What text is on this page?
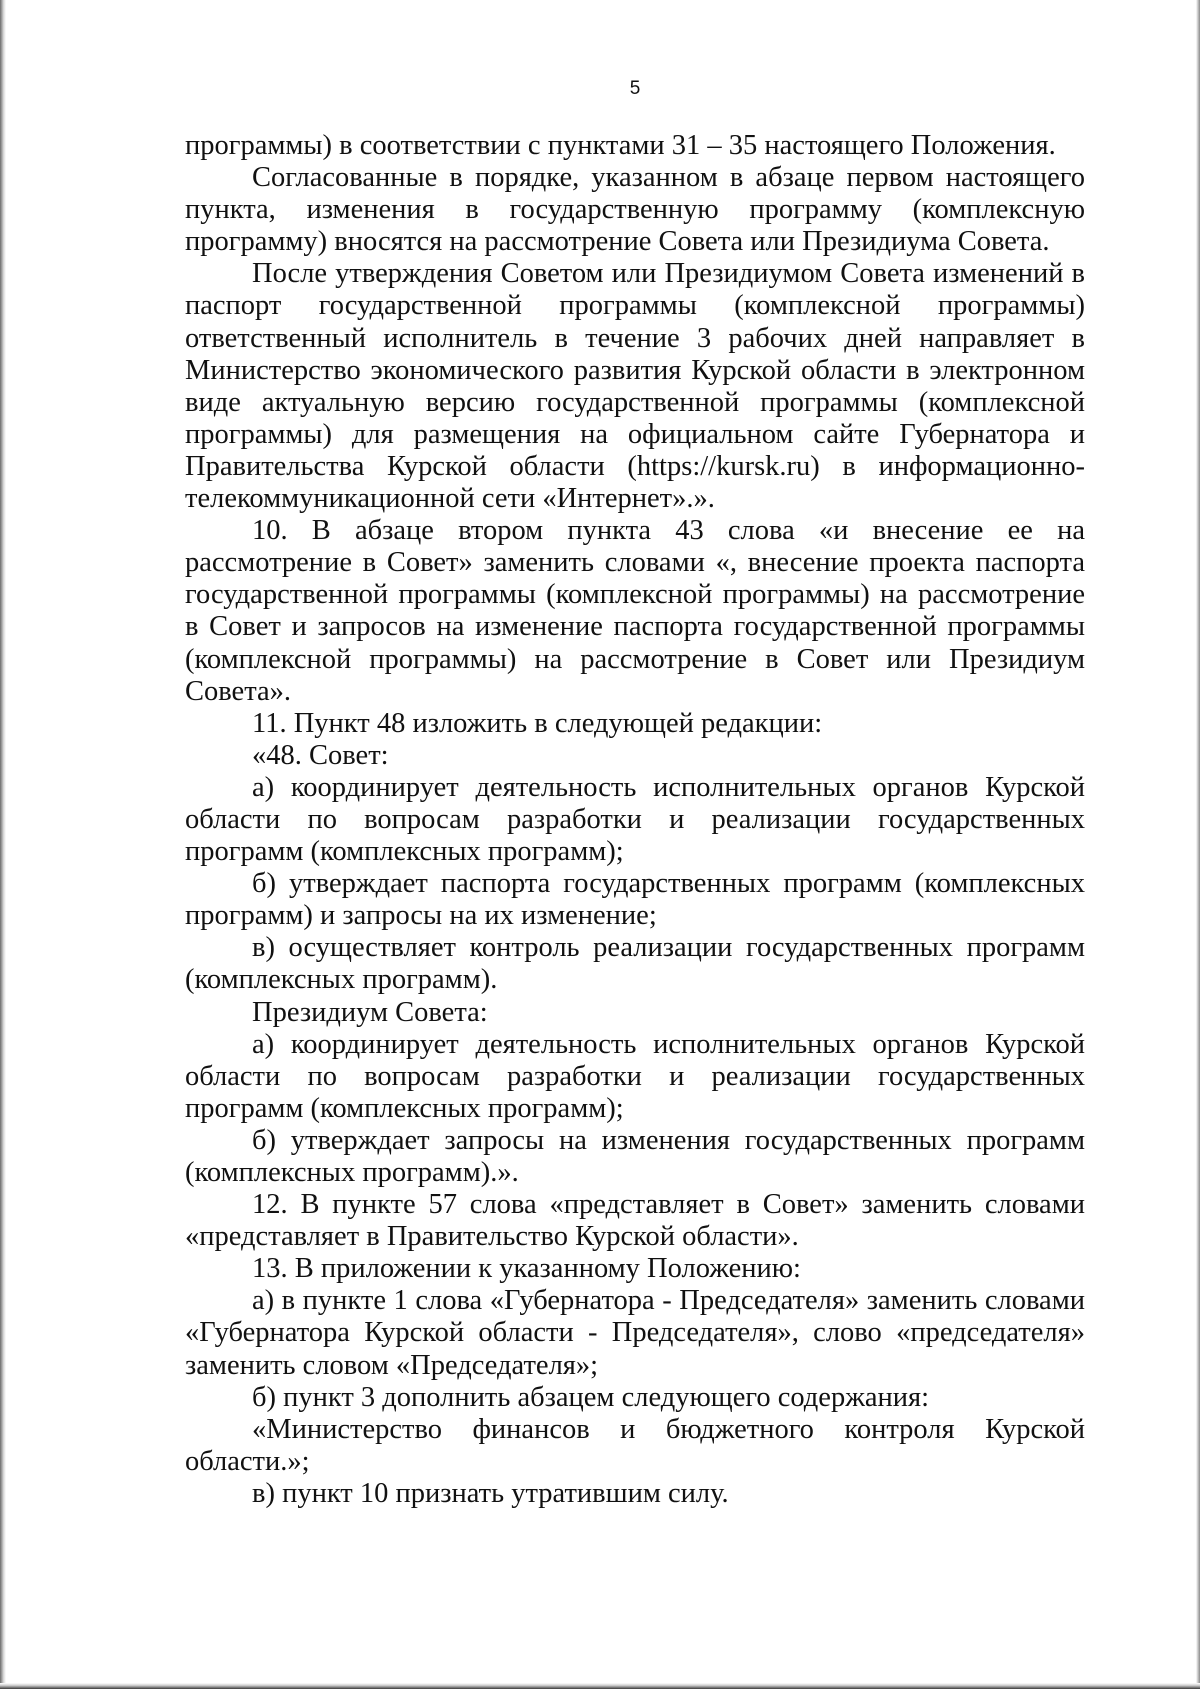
5

программы) в соответствии с пунктами 31 – 35 настоящего Положения.

Согласованные в порядке, указанном в абзаце первом настоящего пункта, изменения в государственную программу (комплексную программу) вносятся на рассмотрение Совета или Президиума Совета.

После утверждения Советом или Президиумом Совета изменений в паспорт государственной программы (комплексной программы) ответственный исполнитель в течение 3 рабочих дней направляет в Министерство экономического развития Курской области в электронном виде актуальную версию государственной программы (комплексной программы) для размещения на официальном сайте Губернатора и Правительства Курской области (https://kursk.ru) в информационно-телекоммуникационной сети «Интернет».».

10. В абзаце втором пункта 43 слова «и внесение ее на рассмотрение в Совет» заменить словами «, внесение проекта паспорта государственной программы (комплексной программы) на рассмотрение в Совет и запросов на изменение паспорта государственной программы (комплексной программы) на рассмотрение в Совет или Президиум Совета».

11. Пункт 48 изложить в следующей редакции:

«48. Совет:

а) координирует деятельность исполнительных органов Курской области по вопросам разработки и реализации государственных программ (комплексных программ);

б) утверждает паспорта государственных программ (комплексных программ) и запросы на их изменение;

в) осуществляет контроль реализации государственных программ (комплексных программ).

Президиум Совета:

а) координирует деятельность исполнительных органов Курской области по вопросам разработки и реализации государственных программ (комплексных программ);

б) утверждает запросы на изменения государственных программ (комплексных программ).».

12. В пункте 57 слова «представляет в Совет» заменить словами «представляет в Правительство Курской области».

13. В приложении к указанному Положению:

а) в пункте 1 слова «Губернатора - Председателя» заменить словами «Губернатора Курской области - Председателя», слово «председателя» заменить словом «Председателя»;

б) пункт 3 дополнить абзацем следующего содержания:

«Министерство финансов и бюджетного контроля Курской области.»;

в) пункт 10 признать утратившим силу.
